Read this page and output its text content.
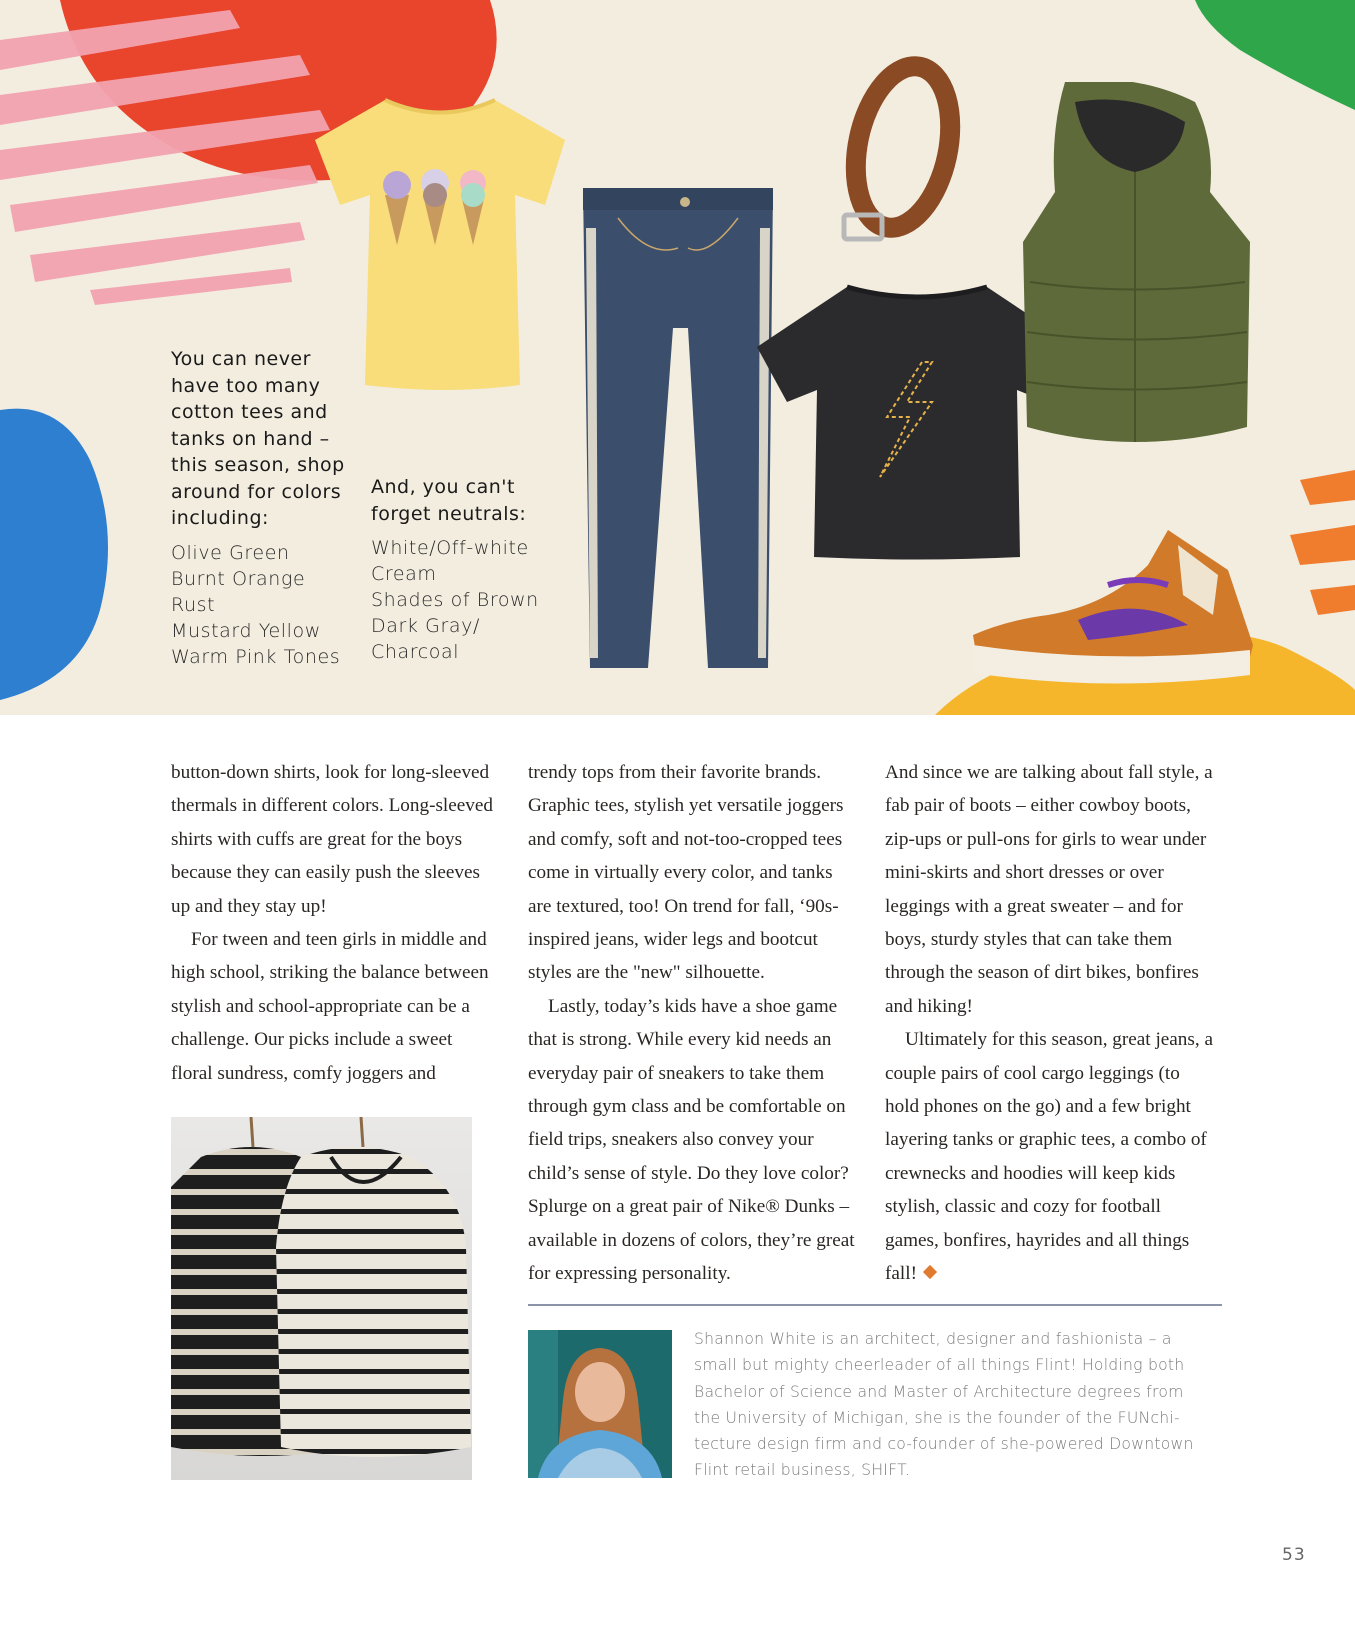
You can never
have too many
cotton tees and
tanks on hand –
this season, shop
around for colors
including:
Olive Green
Burnt Orange
Rust
Mustard Yellow
Warm Pink Tones
And, you can't
forget neutrals:
White/Off-white
Cream
Shades of Brown
Dark Gray/
Charcoal

button-down shirts, look for long-sleeved thermals in different colors. Long-sleeved shirts with cuffs are great for the boys because they can easily push the sleeves up and they stay up!

For tween and teen girls in middle and high school, striking the balance between stylish and school-appropriate can be a challenge. Our picks include a sweet floral sundress, comfy joggers and

trendy tops from their favorite brands. Graphic tees, stylish yet versatile joggers and comfy, soft and not-too-cropped tees come in virtually every color, and tanks are textured, too! On trend for fall, ‘90s-inspired jeans, wider legs and bootcut styles are the "new" silhouette.

Lastly, today’s kids have a shoe game that is strong. While every kid needs an everyday pair of sneakers to take them through gym class and be comfortable on field trips, sneakers also convey your child’s sense of style. Do they love color? Splurge on a great pair of Nike® Dunks – available in dozens of colors, they’re great for expressing personality.

And since we are talking about fall style, a fab pair of boots – either cowboy boots, zip-ups or pull-ons for girls to wear under mini-skirts and short dresses or over leggings with a great sweater – and for boys, sturdy styles that can take them through the season of dirt bikes, bonfires and hiking!

Ultimately for this season, great jeans, a couple pairs of cool cargo leggings (to hold phones on the go) and a few bright layering tanks or graphic tees, a combo of crewnecks and hoodies will keep kids stylish, classic and cozy for football games, bonfires, hayrides and all things fall!

Shannon White is an architect, designer and fashionista – a small but mighty cheerleader of all things Flint! Holding both Bachelor of Science and Master of Architecture degrees from the University of Michigan, she is the founder of the FUNchi-tecture design firm and co-founder of she-powered Downtown Flint retail business, SHIFT.
53
